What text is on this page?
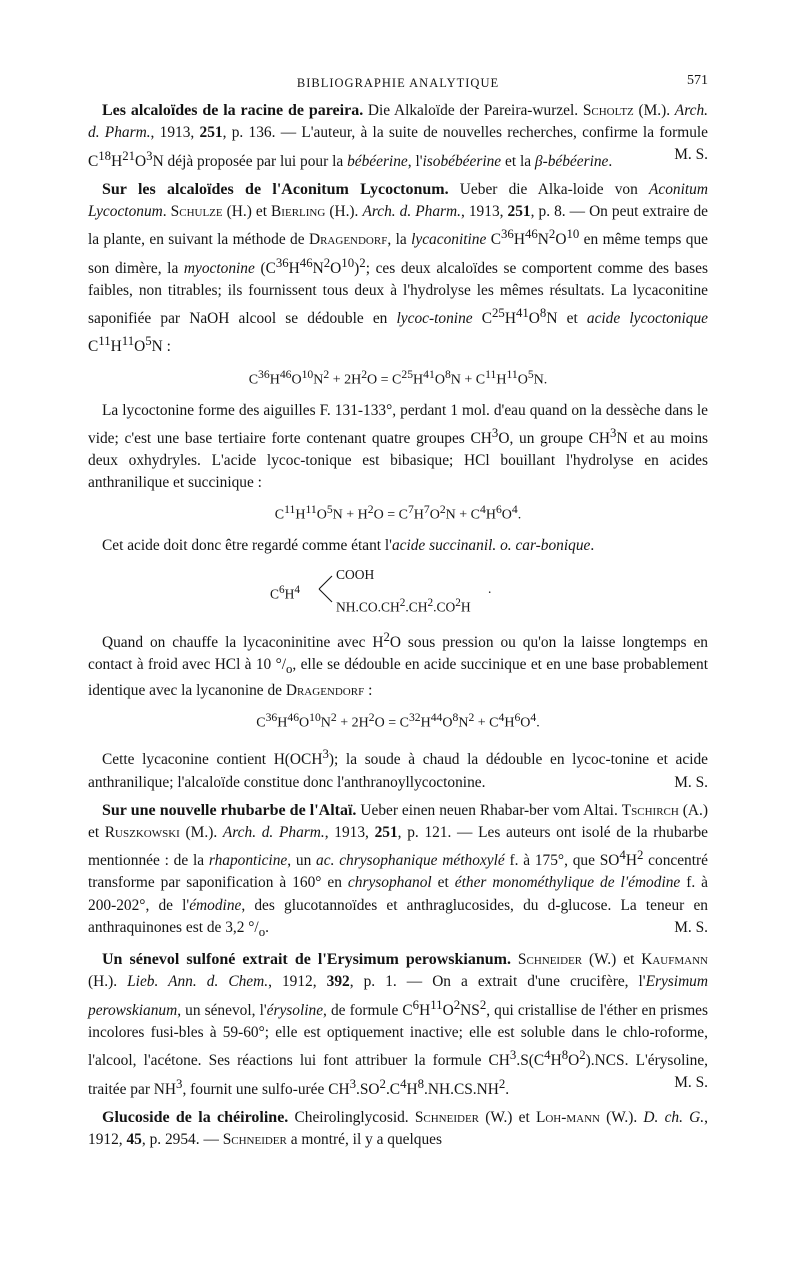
BIBLIOGRAPHIE ANALYTIQUE	571

Les alcaloïdes de la racine de pareira. Die Alkaloïde der Pareira-wurzel. Scholtz (M.). Arch. d. Pharm., 1913, 251, p. 136. — L'auteur, à la suite de nouvelles recherches, confirme la formule $C^{18}H^{21}O^3N$ déjà proposée par lui pour la bébéerine, l'isobébéerine et la β-bébéerine.	M. S.

Sur les alcaloïdes de l'Aconitum Lycoctonum. Ueber die Alka-loide von Aconitum Lycoctonum. Schulze (H.) et Bierling (H.). Arch. d. Pharm., 1913, 251, p. 8. — On peut extraire de la plante, en suivant la méthode de Dragendorf, la lycaconitine $C^{36}H^{46}N^2O^{10}$ en même temps que son dimère, la myoctonine $(C^{36}H^{46}N^2O^{10})^2$; ces deux alcaloïdes se comportent comme des bases faibles, non titrables; ils fournissent tous deux à l'hydrolyse les mêmes résultats. La lycaconitine saponifiée par NaOH alcool se dédouble en lycoc-tonine $C^{25}H^{41}O^8N$ et acide lycoctonique $C^{11}H^{11}O^5N$ :

$C^{36}H^{46}O^{10}N^2 + 2H^2O = C^{25}H^{41}O^8N + C^{11}H^{11}O^5N$.

La lycoctonine forme des aiguilles F. 131-133°, perdant 1 mol. d'eau quand on la dessèche dans le vide; c'est une base tertiaire forte contenant quatre groupes $CH^3O$, un groupe $CH^3N$ et au moins deux oxhydryles. L'acide lycoc-tonique est bibasique; HCl bouillant l'hydrolyse en acides anthranilique et succinique :

$C^{11}H^{11}O^5N + H^2O = C^7H^7O^2N + C^4H^6O^4$.

Cet acide doit donc être regardé comme étant l'acide succinanil. o. car-bonique.

$C^6H^4$
COOH
$NH.CO.CH^2.CH^2.CO^2H$
.

Quand on chauffe la lycaconinitine avec $H^2O$ sous pression ou qu'on la laisse longtemps en contact à froid avec HCl à 10 $^\circ/_o$, elle se dédouble en acide succinique et en une base probablement identique avec la lycanonine de Dragendorf :

$C^{36}H^{46}O^{10}N^2 + 2H^2O = C^{32}H^{44}O^8N^2 + C^4H^6O^4$.

Cette lycaconine contient H(OCH$^3$); la soude à chaud la dédouble en lycoc-tonine et acide anthranilique; l'alcaloïde constitue donc l'anthranoyllycoctonine.	M. S.

Sur une nouvelle rhubarbe de l'Altaï. Ueber einen neuen Rhabar-ber vom Altai. Tschirch (A.) et Ruszkowski (M.). Arch. d. Pharm., 1913, 251, p. 121. — Les auteurs ont isolé de la rhubarbe mentionnée : de la rhaponticine, un ac. chrysophanique méthoxylé f. à 175°, que $SO^4H^2$ concentré transforme par saponification à 160° en chrysophanol et éther monométhylique de l'émodine f. à 200-202°, de l'émodine, des glucotannoïdes et anthraglucosides, du d-glucose. La teneur en anthraquinones est de 3,2 $^\circ/_o$.	M. S.

Un sénevol sulfoné extrait de l'Erysimum perowskianum. Schneider (W.) et Kaufmann (H.). Lieb. Ann. d. Chem., 1912, 392, p. 1. — On a extrait d'une crucifère, l'Erysimum perowskianum, un sénevol, l'érysoline, de formule $C^6H^{11}O^2NS^2$, qui cristallise de l'éther en prismes incolores fusi-bles à 59-60°; elle est optiquement inactive; elle est soluble dans le chlo-roforme, l'alcool, l'acétone. Ses réactions lui font attribuer la formule $CH^3.S(C^4H^8O^2).NCS$. L'érysoline, traitée par $NH^3$, fournit une sulfo-urée $CH^3.SO^2.C^4H^8.NH.CS.NH^2$.	M. S.

Glucoside de la chéiroline. Cheirolinglycosid. Schneider (W.) et Loh-mann (W.). D. ch. G., 1912, 45, p. 2954. — Schneider a montré, il y a quelques
